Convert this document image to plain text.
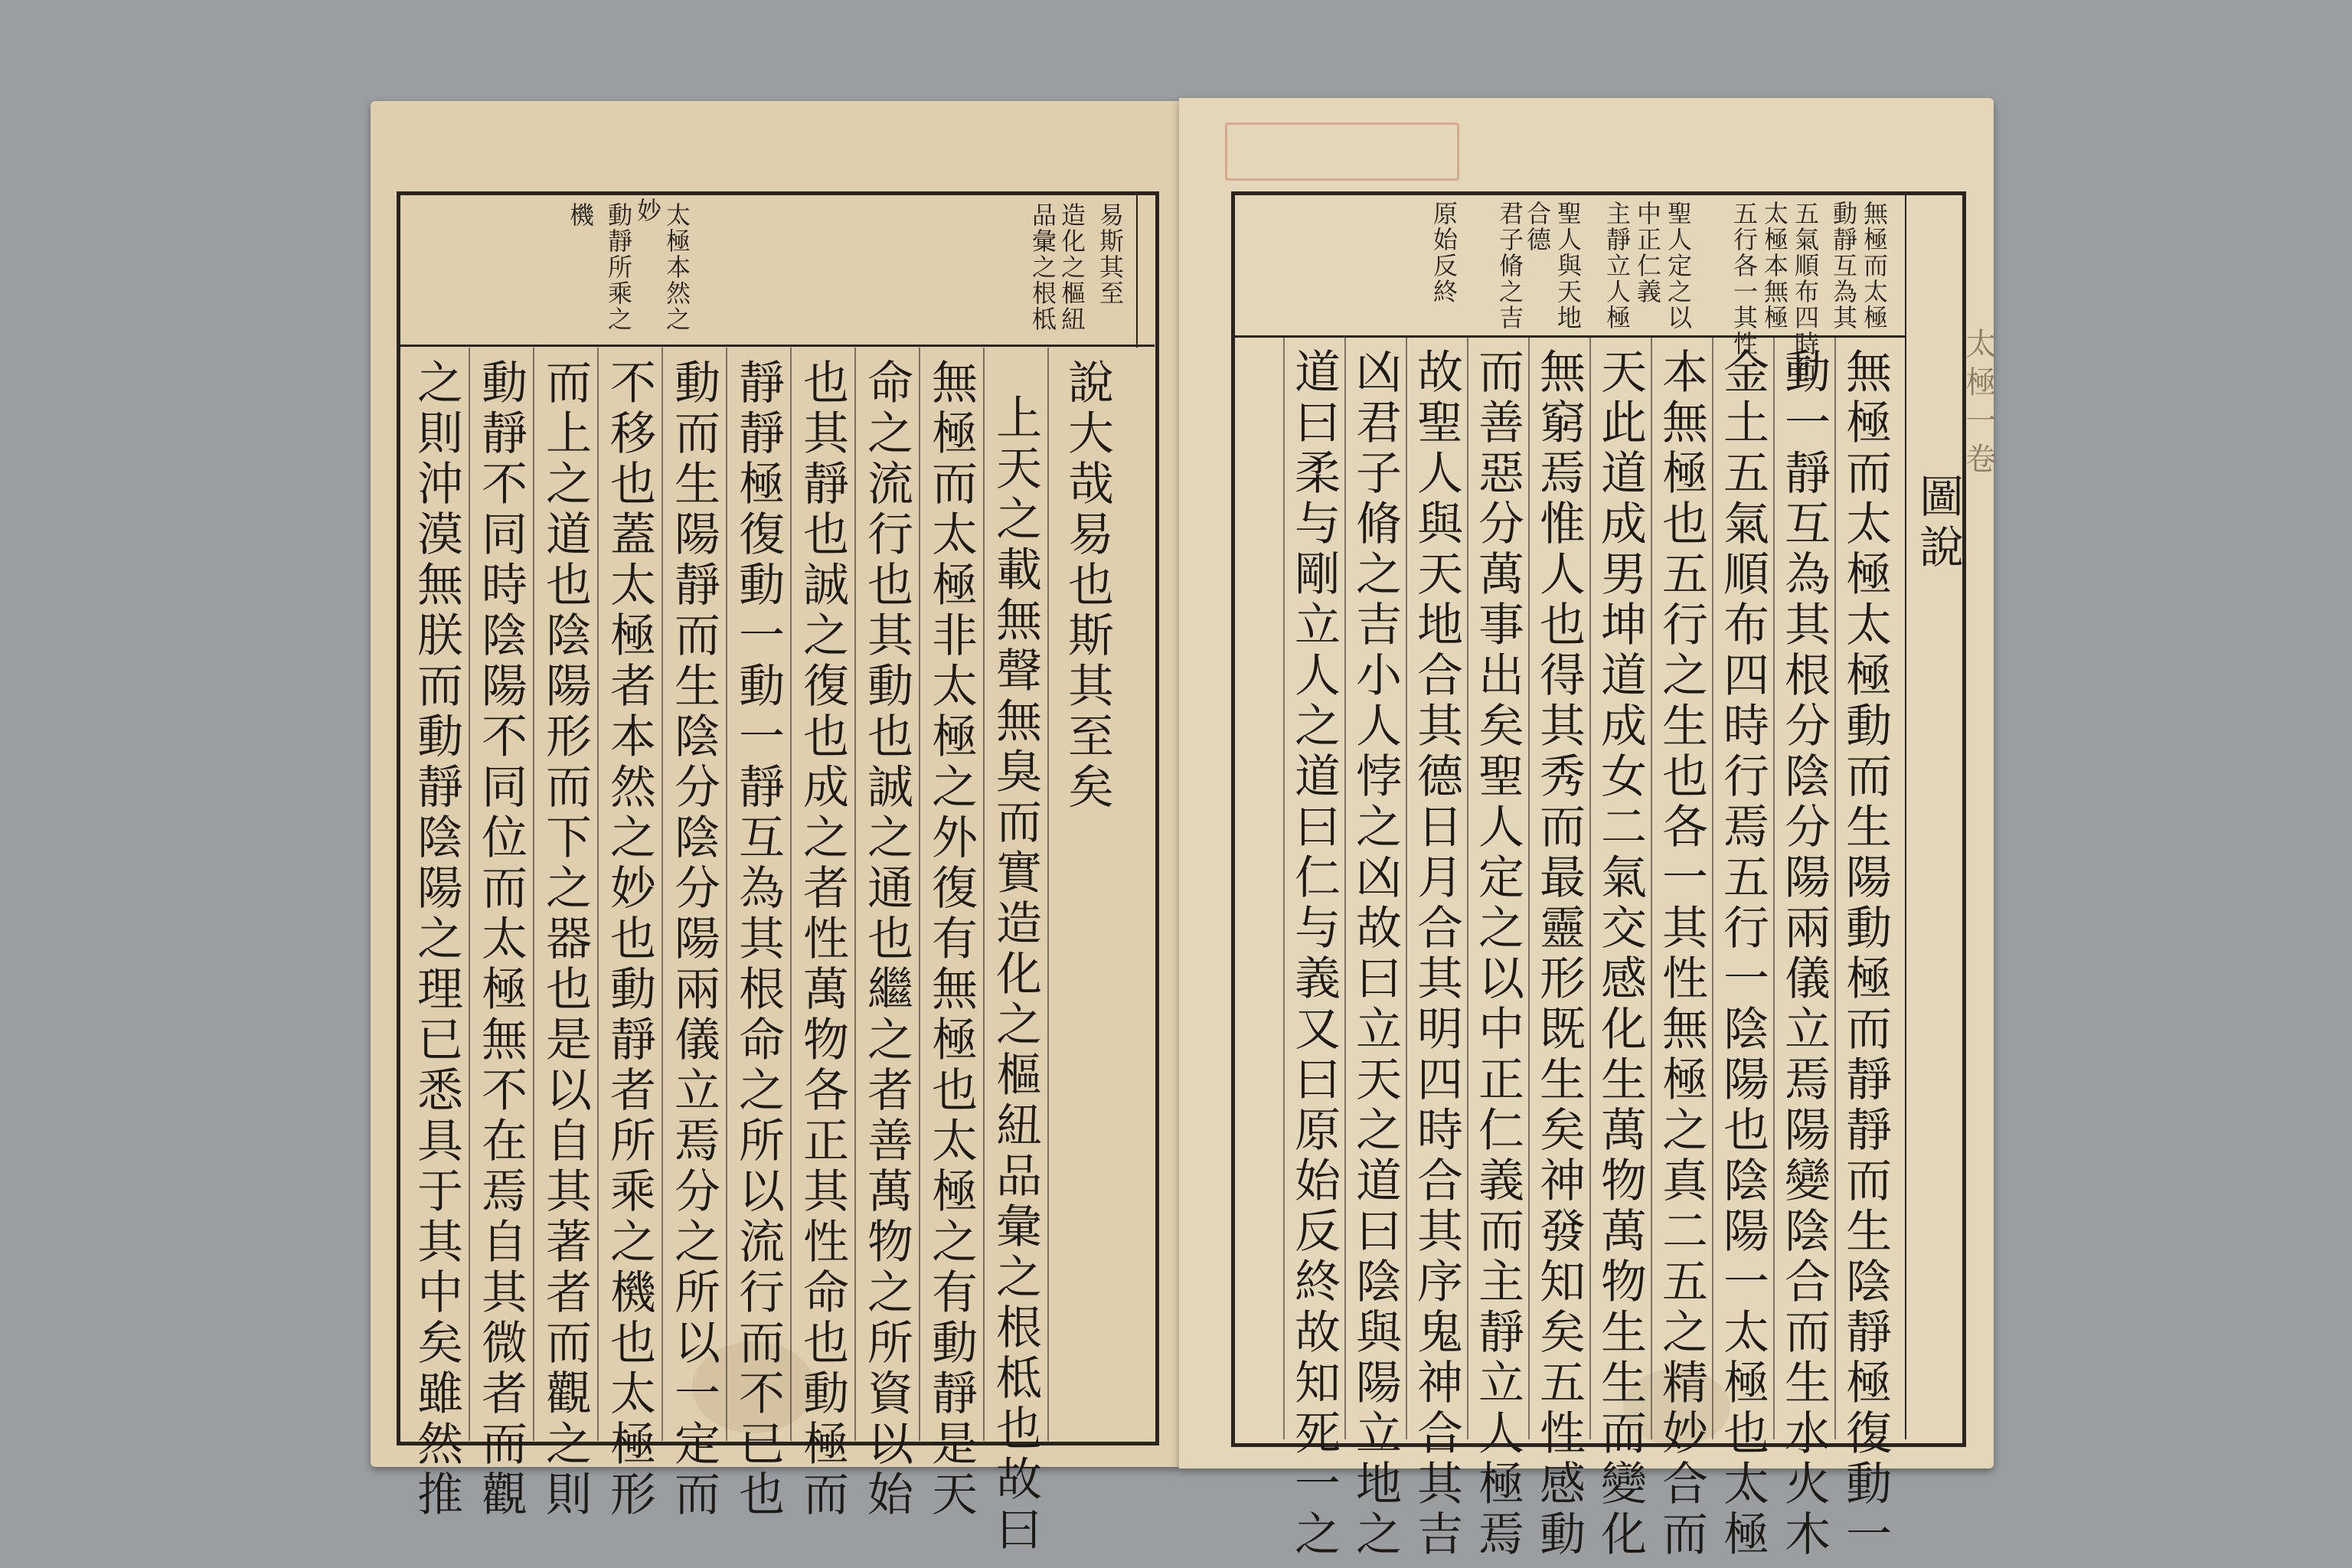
易斯其至
造化之樞紐
品彙之根柢
太極本然之
妙
動靜所乘之
機
說大哉易也斯其至矣
上天之載無聲無臭而實造化之樞紐品彙之根柢也故曰
無極而太極非太極之外復有無極也太極之有動靜是天
命之流行也其動也誠之通也繼之者善萬物之所資以始
也其靜也誠之復也成之者性萬物各正其性命也動極而
靜靜極復動一動一靜互為其根命之所以流行而不已也
動而生陽靜而生陰分陰分陽兩儀立焉分之所以一定而
不移也蓋太極者本然之妙也動靜者所乘之機也太極形
而上之道也陰陽形而下之器也是以自其著者而觀之則
動靜不同時陰陽不同位而太極無不在焉自其微者而觀
之則沖漠無朕而動靜陰陽之理已悉具于其中矣雖然推	太極一卷
圖說
無極而太極
動靜互為其
五氣順布四時行
太極本無極
五行各一其性
聖人定之以
中正仁義
主靜立人極
聖人與天地
合德
君子脩之吉
原始反終
無極而太極太極動而生陽動極而靜靜而生陰靜極復動一
動一靜互為其根分陰分陽兩儀立焉陽變陰合而生水火木
金土五氣順布四時行焉五行一陰陽也陰陽一太極也太極
本無極也五行之生也各一其性無極之真二五之精妙合而
天此道成男坤道成女二氣交感化生萬物萬物生生而變化
無窮焉惟人也得其秀而最靈形既生矣神發知矣五性感動
而善惡分萬事出矣聖人定之以中正仁義而主靜立人極焉
故聖人與天地合其德日月合其明四時合其序鬼神合其吉
凶君子脩之吉小人悖之凶故曰立天之道曰陰與陽立地之
道曰柔与剛立人之道曰仁与義又曰原始反終故知死一之
